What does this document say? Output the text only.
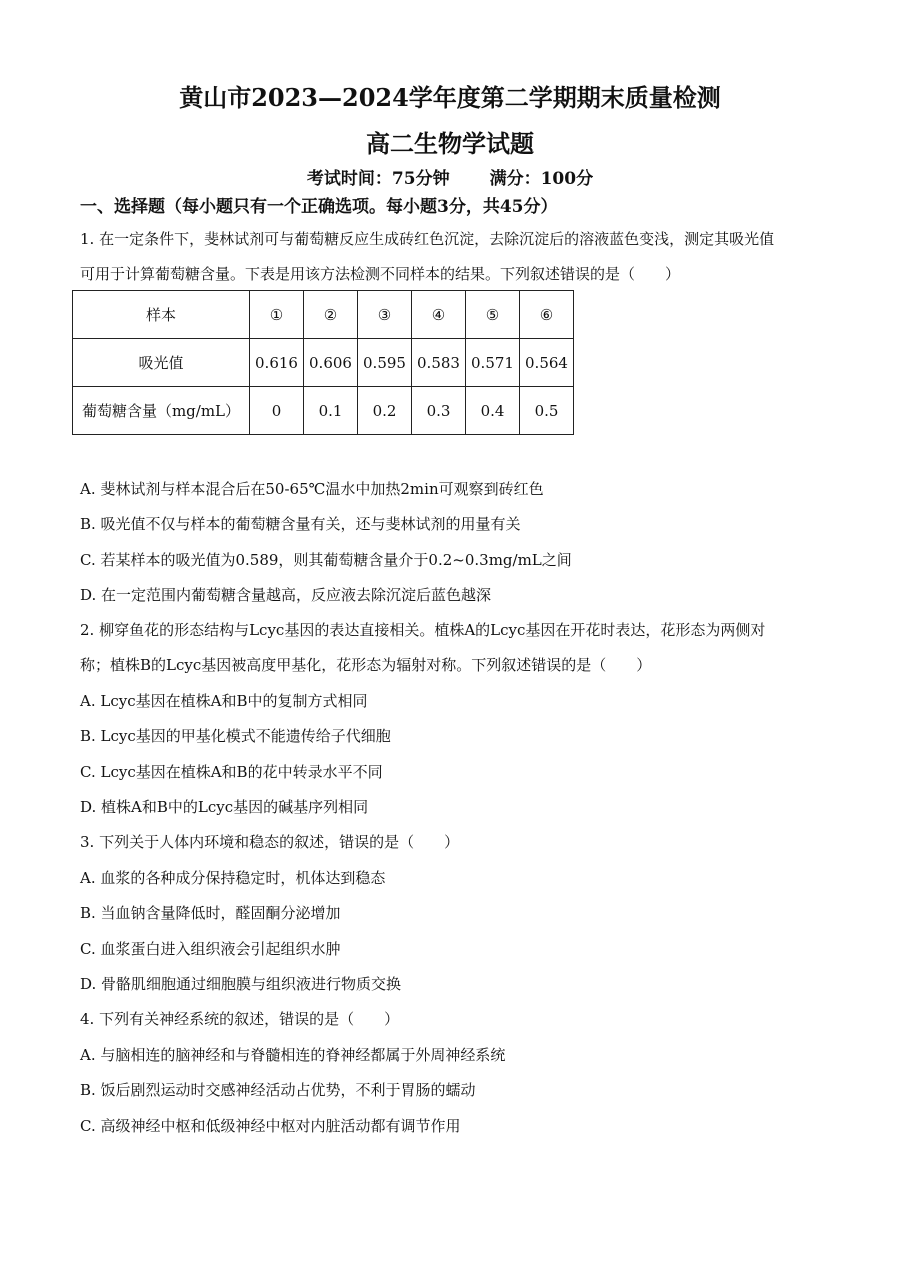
黄山市2023—2024学年度第二学期期末质量检测
高二生物学试题
考试时间：75分钟 满分：100分
一、选择题（每小题只有一个正确选项。每小题3分，共45分）
1. 在一定条件下，斐林试剂可与葡萄糖反应生成砖红色沉淀，去除沉淀后的溶液蓝色变浅，测定其吸光值
可用于计算葡萄糖含量。下表是用该方法检测不同样本的结果。下列叙述错误的是（　　）
样本	①	②	③	④	⑤	⑥
吸光值	0.616	0.606	0.595	0.583	0.571	0.564
葡萄糖含量（mg/mL）	0	0.1	0.2	0.3	0.4	0.5
A. 斐林试剂与样本混合后在50-65℃温水中加热2min可观察到砖红色
B. 吸光值不仅与样本的葡萄糖含量有关，还与斐林试剂的用量有关
C. 若某样本的吸光值为0.589，则其葡萄糖含量介于0.2~0.3mg/mL之间
D. 在一定范围内葡萄糖含量越高，反应液去除沉淀后蓝色越深
2. 柳穿鱼花的形态结构与Lcyc基因的表达直接相关。植株A的Lcyc基因在开花时表达，花形态为两侧对
称；植株B的Lcyc基因被高度甲基化，花形态为辐射对称。下列叙述错误的是（　　）
A. Lcyc基因在植株A和B中的复制方式相同
B. Lcyc基因的甲基化模式不能遗传给子代细胞
C. Lcyc基因在植株A和B的花中转录水平不同
D. 植株A和B中的Lcyc基因的碱基序列相同
3. 下列关于人体内环境和稳态的叙述，错误的是（　　）
A. 血浆的各种成分保持稳定时，机体达到稳态
B. 当血钠含量降低时，醛固酮分泌增加
C. 血浆蛋白进入组织液会引起组织水肿
D. 骨骼肌细胞通过细胞膜与组织液进行物质交换
4. 下列有关神经系统的叙述，错误的是（　　）
A. 与脑相连的脑神经和与脊髓相连的脊神经都属于外周神经系统
B. 饭后剧烈运动时交感神经活动占优势，不利于胃肠的蠕动
C. 高级神经中枢和低级神经中枢对内脏活动都有调节作用
